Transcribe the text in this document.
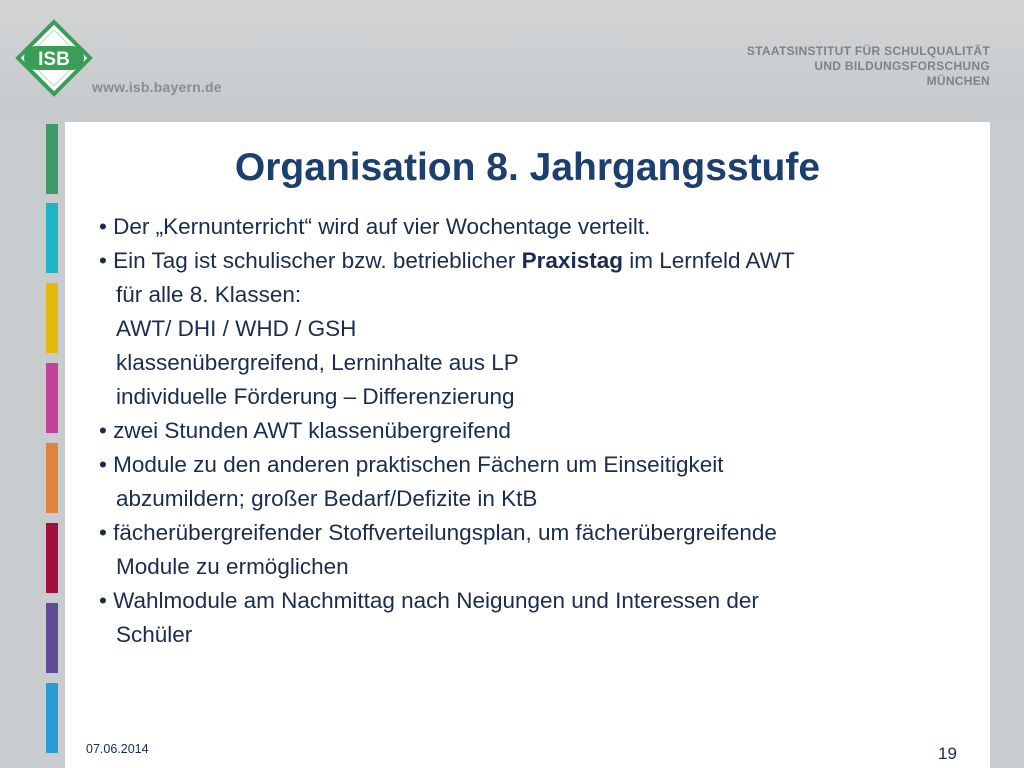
ISB
www.isb.bayern.de
STAATSINSTITUT FÜR SCHULQUALITÄT
UND BILDUNGSFORSCHUNG
MÜNCHEN
Organisation 8. Jahrgangsstufe
• Der „Kernunterricht“ wird auf vier Wochentage verteilt.
• Ein Tag ist schulischer bzw. betrieblicher Praxistag im Lernfeld AWT
für alle 8. Klassen:
AWT/ DHI / WHD / GSH
klassenübergreifend, Lerninhalte aus LP
individuelle Förderung – Differenzierung
• zwei Stunden AWT klassenübergreifend
• Module zu den anderen praktischen Fächern um Einseitigkeit
abzumildern; großer Bedarf/Defizite in KtB
• fächerübergreifender Stoffverteilungsplan, um fächerübergreifende
Module zu ermöglichen
• Wahlmodule am Nachmittag nach Neigungen und Interessen der
Schüler
07.06.2014	19
